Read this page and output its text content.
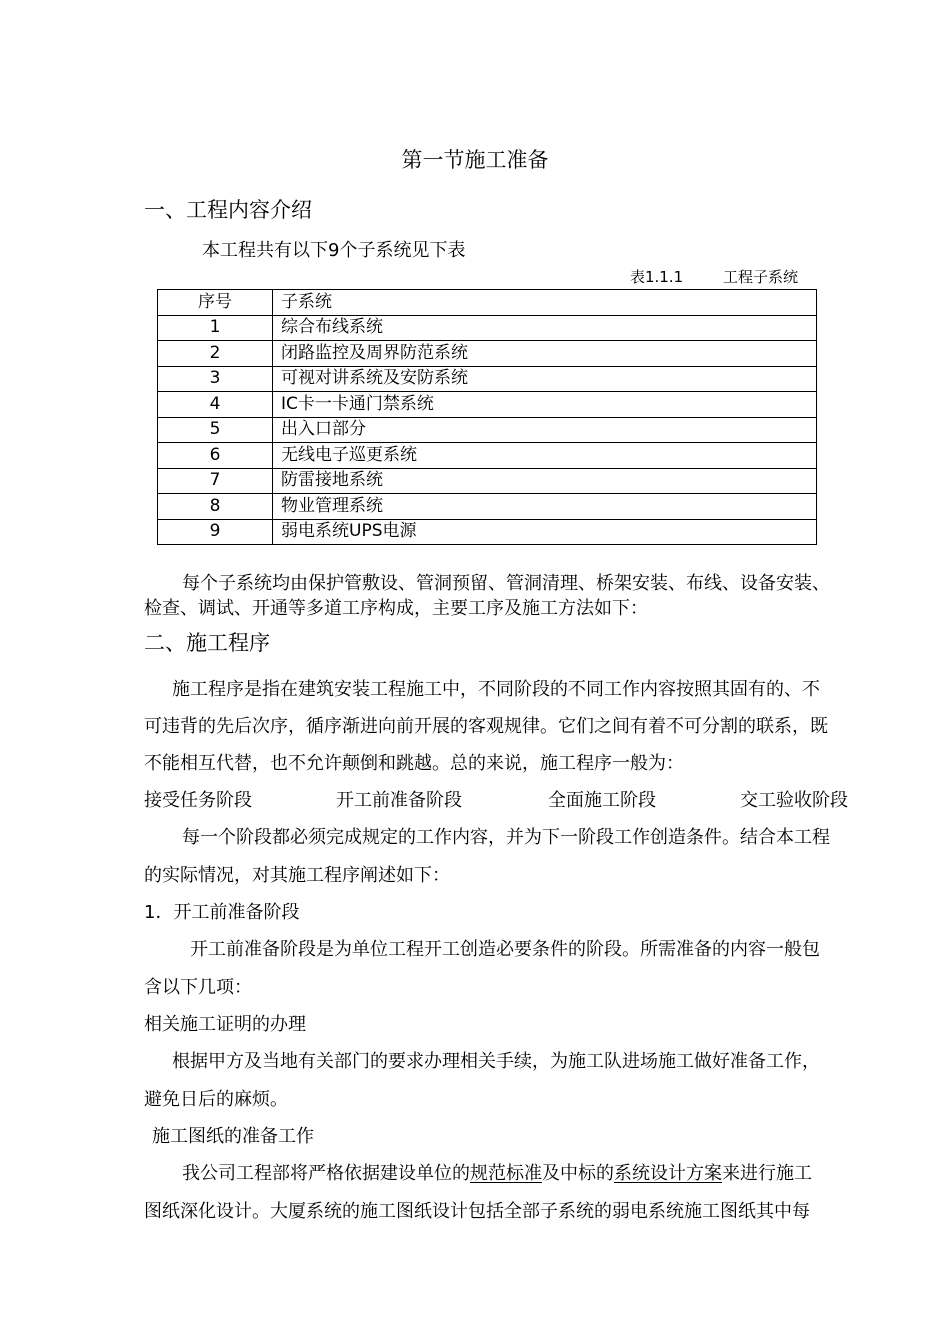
第一节施工准备
一、工程内容介绍
本工程共有以下9个子系统见下表
表1.1.1	工程子系统
序号	子系统
1	综合布线系统
2	闭路监控及周界防范系统
3	可视对讲系统及安防系统
4	IC卡一卡通门禁系统
5	出入口部分
6	无线电子巡更系统
7	防雷接地系统
8	物业管理系统
9	弱电系统UPS电源
每个子系统均由保护管敷设、管洞预留、管洞清理、桥架安装、布线、设备安装、
检查、调试、开通等多道工序构成，主要工序及施工方法如下：
二、施工程序
施工程序是指在建筑安装工程施工中，不同阶段的不同工作内容按照其固有的、不
可违背的先后次序，循序渐进向前开展的客观规律。它们之间有着不可分割的联系，既
不能相互代替，也不允许颠倒和跳越。总的来说，施工程序一般为：
接受任务阶段	开工前准备阶段	全面施工阶段	交工验收阶段
每一个阶段都必须完成规定的工作内容，并为下一阶段工作创造条件。结合本工程
的实际情况，对其施工程序阐述如下：
1．开工前准备阶段
开工前准备阶段是为单位工程开工创造必要条件的阶段。所需准备的内容一般包
含以下几项：
相关施工证明的办理
根据甲方及当地有关部门的要求办理相关手续，为施工队进场施工做好准备工作，
避免日后的麻烦。
施工图纸的准备工作
我公司工程部将严格依据建设单位的规范标准及中标的系统设计方案来进行施工
图纸深化设计。大厦系统的施工图纸设计包括全部子系统的弱电系统施工图纸其中每
